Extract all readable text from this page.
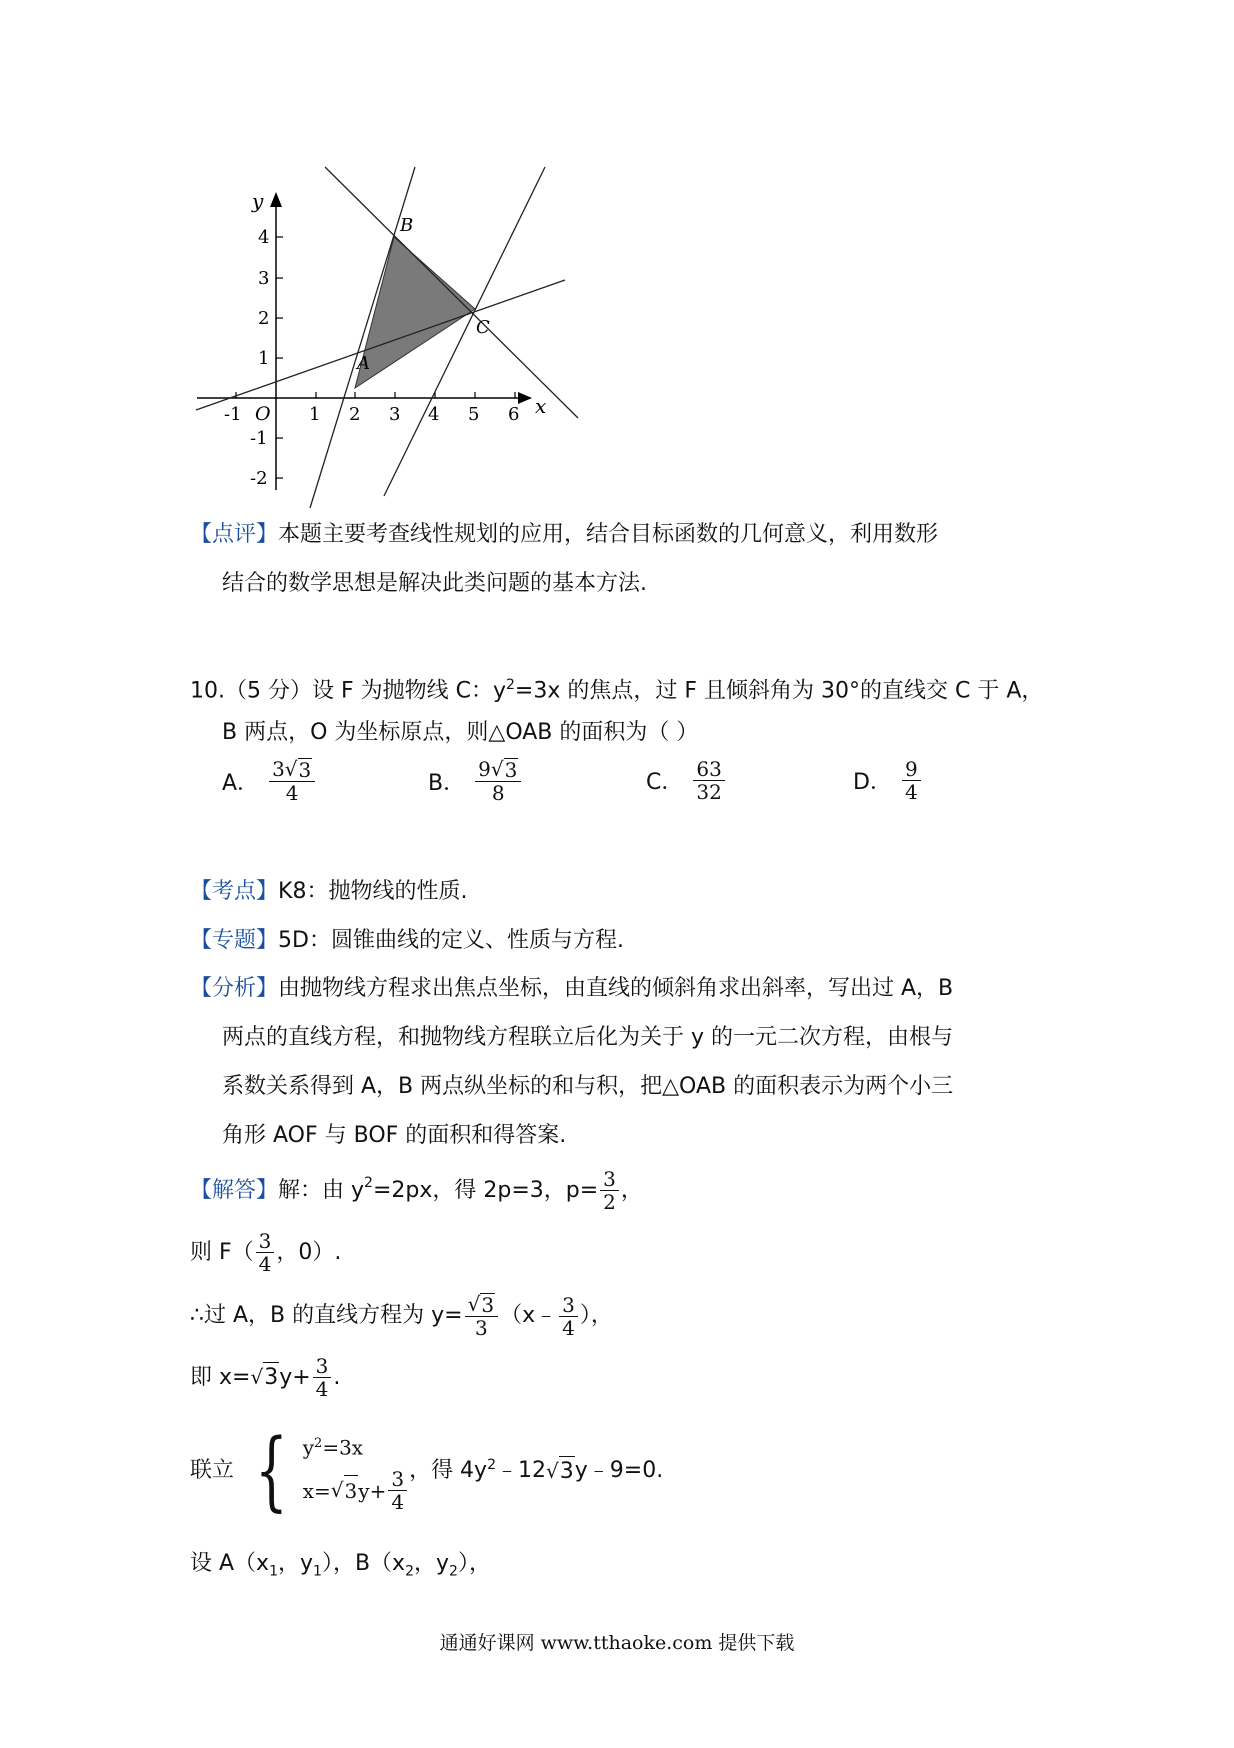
y
x
O
-1	1 2 3 4 5 6
4
3
2
1
-1
-2
A
B
C
【点评】本题主要考查线性规划的应用，结合目标函数的几何意义，利用数形
结合的数学思想是解决此类问题的基本方法.
10.（5 分）设 F 为抛物线 C：$y^2=3x$ 的焦点，过 F 且倾斜角为 30°的直线交 C 于 A，
B 两点，O 为坐标原点，则△OAB 的面积为（ ）
A． $\frac{3 √ 3}{4}$	B． $\frac{9 √ 3}{8}$	C． $\frac{63}{32}$	D． $\frac{9}{4}$
【考点】K8：抛物线的性质.
【专题】5D：圆锥曲线的定义、性质与方程.
【分析】由抛物线方程求出焦点坐标，由直线的倾斜角求出斜率，写出过 A，B
两点的直线方程，和抛物线方程联立后化为关于 y 的一元二次方程，由根与
系数关系得到 A，B 两点纵坐标的和与积，把△OAB 的面积表示为两个小三
角形 AOF 与 BOF 的面积和得答案.
【解答】 解：由 $y^2 =2px$，得 2p=3，$p= \frac{3}{2}$ ，
则 $F( \frac{3}{4}$ ，0）.
∴过 A，B 的直线方程为 $y= \frac{√ 3}{3}$ （x﹣ $\frac{3}{4}$ ），
即 x= √ 3 $y+ \frac{3}{4}$ .
联立 { $y^2=3x$
x= √ 3 $y+ \frac{3}{4}$ ，得 $4y^2$ ﹣12 √ 3 y﹣9=0.
设 $A(x_1$，$y_1$），$B(x_2$，$y_2$），
通通好课网 www.tthaoke.com 提供下载
